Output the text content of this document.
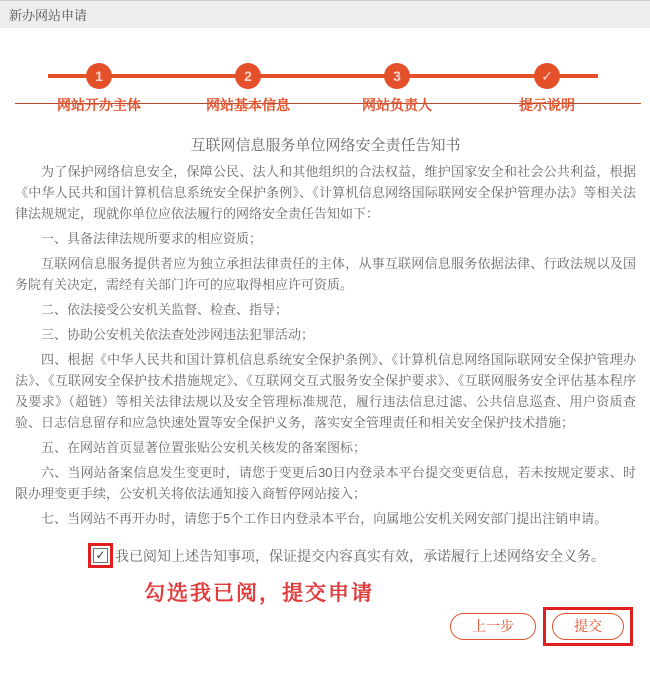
新办网站申请
1
网站开办主体
2
网站基本信息
3
网站负责人
✓
提示说明
互联网信息服务单位网络安全责任告知书

为了保护网络信息安全，保障公民、法人和其他组织的合法权益，维护国家安全和社会公共利益，根据《中华人民共和国计算机信息系统安全保护条例》、《计算机信息网络国际联网安全保护管理办法》等相关法律法规规定，现就你单位应依法履行的网络安全责任告知如下：

一、具备法律法规所要求的相应资质；

互联网信息服务提供者应为独立承担法律责任的主体，从事互联网信息服务依据法律、行政法规以及国务院有关决定，需经有关部门许可的应取得相应许可资质。

二、依法接受公安机关监督、检查、指导；

三、协助公安机关依法查处涉网违法犯罪活动；

四、根据《中华人民共和国计算机信息系统安全保护条例》、《计算机信息网络国际联网安全保护管理办法》、《互联网安全保护技术措施规定》、《互联网交互式服务安全保护要求》、《互联网服务安全评估基本程序及要求》（超链）等相关法律法规以及安全管理标准规范，履行违法信息过滤、公共信息巡查、用户资质查验、日志信息留存和应急快速处置等安全保护义务，落实安全管理责任和相关安全保护技术措施；

五、在网站首页显著位置张贴公安机关核发的备案图标；

六、当网站备案信息发生变更时，请您于变更后30日内登录本平台提交变更信息，若未按规定要求、时限办理变更手续，公安机关将依法通知接入商暂停网站接入；

七、当网站不再开办时，请您于5个工作日内登录本平台，向属地公安机关网安部门提出注销申请。

✓ 我已阅知上述告知事项，保证提交内容真实有效，承诺履行上述网络安全义务。
勾选我已阅，提交申请
上一步	提交
